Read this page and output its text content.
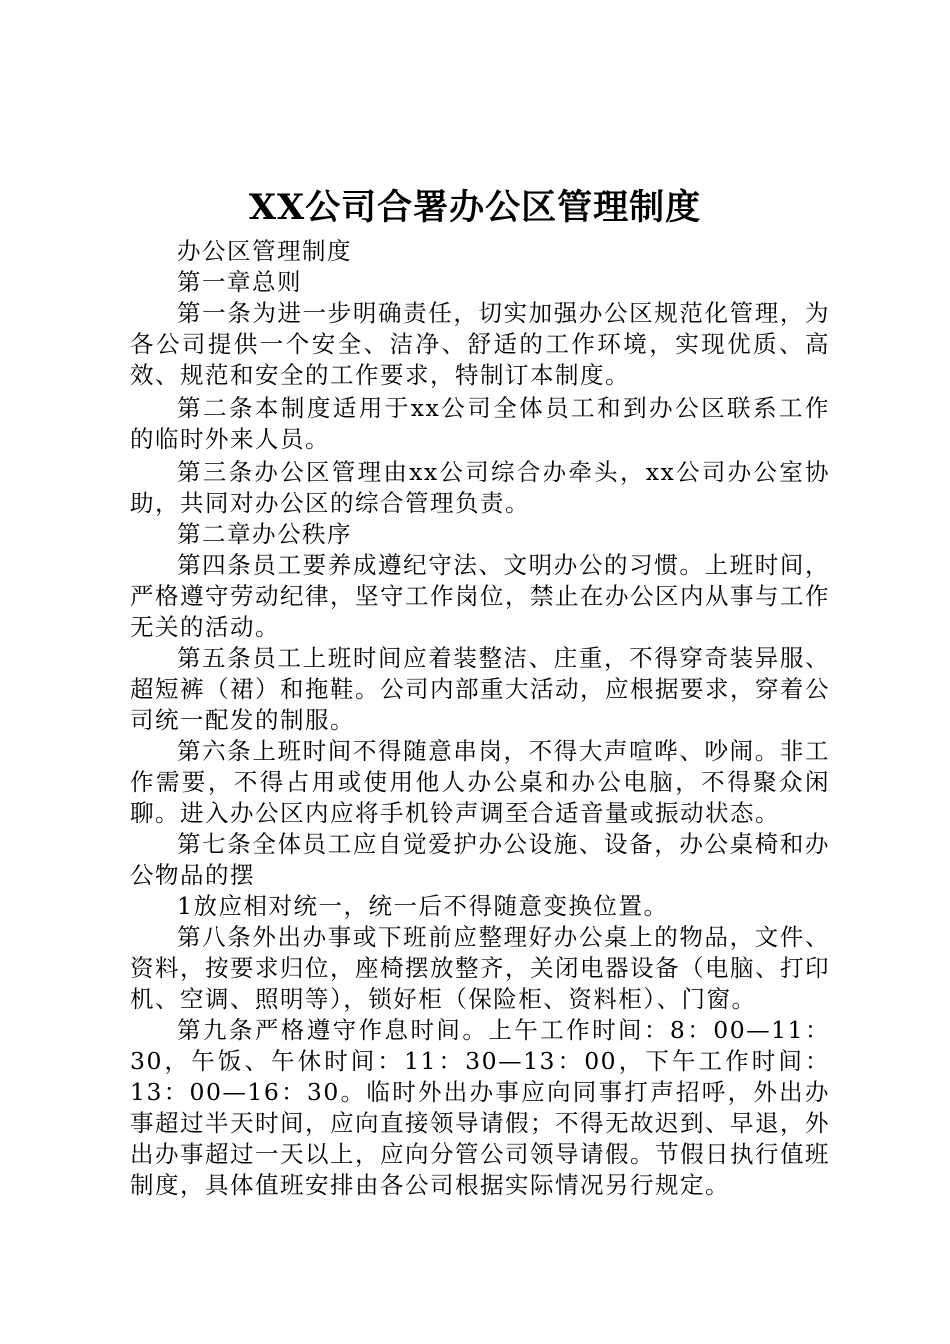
XX公司合署办公区管理制度

办公区管理制度

第一章总则

第一条为进一步明确责任，切实加强办公区规范化管理，为各公司提供一个安全、洁净、舒适的工作环境，实现优质、高效、规范和安全的工作要求，特制订本制度。

第二条本制度适用于xx公司全体员工和到办公区联系工作的临时外来人员。

第三条办公区管理由xx公司综合办牵头，xx公司办公室协助，共同对办公区的综合管理负责。

第二章办公秩序

第四条员工要养成遵纪守法、文明办公的习惯。上班时间，严格遵守劳动纪律，坚守工作岗位，禁止在办公区内从事与工作无关的活动。

第五条员工上班时间应着装整洁、庄重，不得穿奇装异服、超短裤（裙）和拖鞋。公司内部重大活动，应根据要求，穿着公司统一配发的制服。

第六条上班时间不得随意串岗，不得大声喧哗、吵闹。非工作需要，不得占用或使用他人办公桌和办公电脑，不得聚众闲聊。进入办公区内应将手机铃声调至合适音量或振动状态。

第七条全体员工应自觉爱护办公设施、设备，办公桌椅和办公物品的摆

1放应相对统一，统一后不得随意变换位置。

第八条外出办事或下班前应整理好办公桌上的物品，文件、资料，按要求归位，座椅摆放整齐，关闭电器设备（电脑、打印机、空调、照明等），锁好柜（保险柜、资料柜）、门窗。

第九条严格遵守作息时间。上午工作时间：8：00—11：30，午饭、午休时间：11：30—13：00，下午工作时间：13：00—16：30。临时外出办事应向同事打声招呼，外出办事超过半天时间，应向直接领导请假；不得无故迟到、早退，外出办事超过一天以上，应向分管公司领导请假。节假日执行值班制度，具体值班安排由各公司根据实际情况另行规定。
